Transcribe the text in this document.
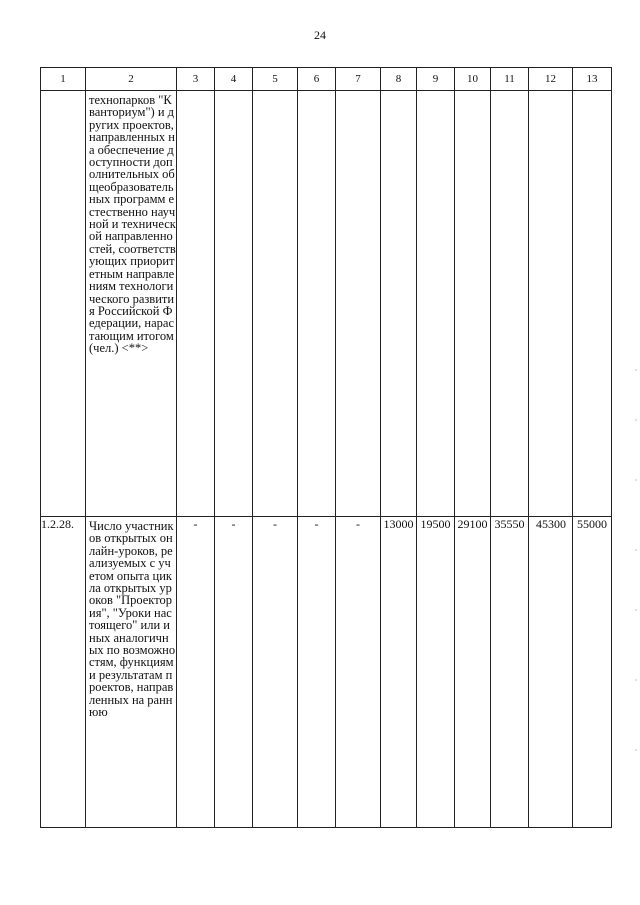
24
1	2	3	4	5	6	7	8	9	10	11	12	13

	технопарков "Кванториум") и других проектов, направленных на обеспечение доступности дополнительных общеобразовательных программ естественно научной и технической направленностей, соответствующих приоритетным направлениям технологического развития Российской Федерации, нарастающим итогом (чел.) <**>											

1.2.28.	Число участников открытых онлайн-уроков, реализуемых с учетом опыта цикла открытых уроков "Проектория", "Уроки настоящего" или иных аналогичных по возможностям, функциям и результатам проектов, направленных на раннюю	-	-	-	-	-	13000	19500	29100	35550	45300	55000
